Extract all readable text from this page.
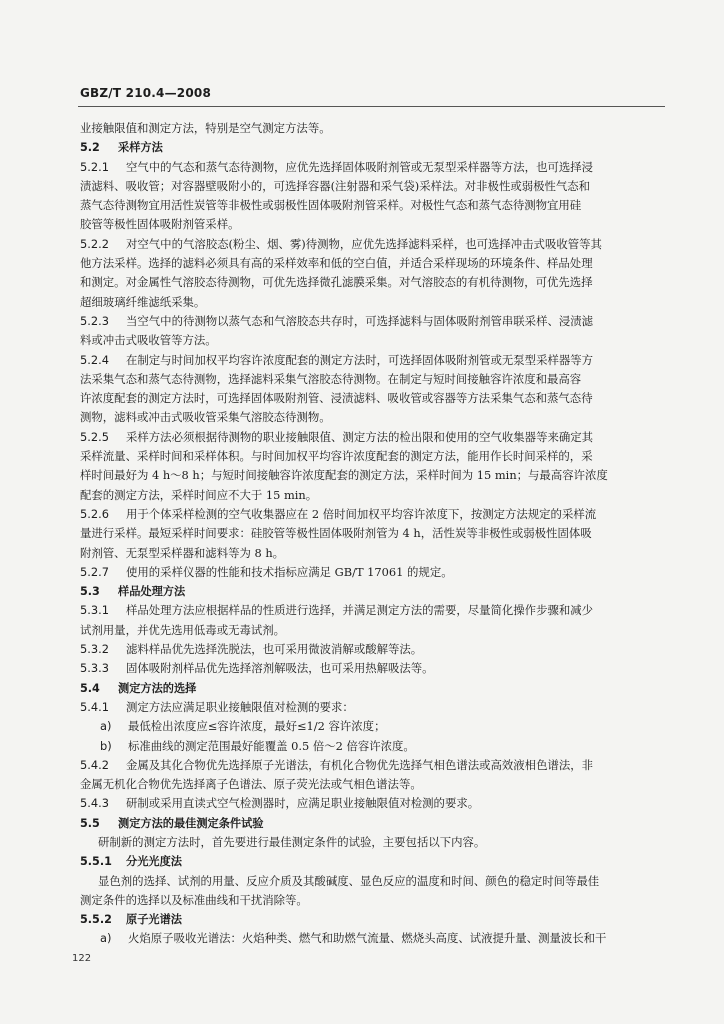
GBZ/T 210.4—2008
业接触限值和测定方法，特别是空气测定方法等。
5.2 采样方法
5.2.1 空气中的气态和蒸气态待测物，应优先选择固体吸附剂管或无泵型采样器等方法，也可选择浸
渍滤料、吸收管；对容器壁吸附小的，可选择容器(注射器和采气袋)采样法。对非极性或弱极性气态和
蒸气态待测物宜用活性炭管等非极性或弱极性固体吸附剂管采样。对极性气态和蒸气态待测物宜用硅
胶管等极性固体吸附剂管采样。
5.2.2 对空气中的气溶胶态(粉尘、烟、雾)待测物，应优先选择滤料采样，也可选择冲击式吸收管等其
他方法采样。选择的滤料必须具有高的采样效率和低的空白值，并适合采样现场的环境条件、样品处理
和测定。对金属性气溶胶态待测物，可优先选择微孔滤膜采集。对气溶胶态的有机待测物，可优先选择
超细玻璃纤维滤纸采集。
5.2.3 当空气中的待测物以蒸气态和气溶胶态共存时，可选择滤料与固体吸附剂管串联采样、浸渍滤
料或冲击式吸收管等方法。
5.2.4 在制定与时间加权平均容许浓度配套的测定方法时，可选择固体吸附剂管或无泵型采样器等方
法采集气态和蒸气态待测物，选择滤料采集气溶胶态待测物。在制定与短时间接触容许浓度和最高容
许浓度配套的测定方法时，可选择固体吸附剂管、浸渍滤料、吸收管或容器等方法采集气态和蒸气态待
测物，滤料或冲击式吸收管采集气溶胶态待测物。
5.2.5 采样方法必须根据待测物的职业接触限值、测定方法的检出限和使用的空气收集器等来确定其
采样流量、采样时间和采样体积。与时间加权平均容许浓度配套的测定方法，能用作长时间采样的，采
样时间最好为 4 h～8 h；与短时间接触容许浓度配套的测定方法，采样时间为 15 min；与最高容许浓度
配套的测定方法，采样时间应不大于 15 min。
5.2.6 用于个体采样检测的空气收集器应在 2 倍时间加权平均容许浓度下，按测定方法规定的采样流
量进行采样。最短采样时间要求：硅胶管等极性固体吸附剂管为 4 h，活性炭等非极性或弱极性固体吸
附剂管、无泵型采样器和滤料等为 8 h。
5.2.7 使用的采样仪器的性能和技术指标应满足 GB/T 17061 的规定。
5.3 样品处理方法
5.3.1 样品处理方法应根据样品的性质进行选择，并满足测定方法的需要，尽量简化操作步骤和减少
试剂用量，并优先选用低毒或无毒试剂。
5.3.2 滤料样品优先选择洗脱法，也可采用微波消解或酸解等法。
5.3.3 固体吸附剂样品优先选择溶剂解吸法，也可采用热解吸法等。
5.4 测定方法的选择
5.4.1 测定方法应满足职业接触限值对检测的要求：
a) 最低检出浓度应≤容许浓度，最好≤1/2 容许浓度；
b) 标准曲线的测定范围最好能覆盖 0.5 倍～2 倍容许浓度。
5.4.2 金属及其化合物优先选择原子光谱法，有机化合物优先选择气相色谱法或高效液相色谱法，非
金属无机化合物优先选择离子色谱法、原子荧光法或气相色谱法等。
5.4.3 研制或采用直读式空气检测器时，应满足职业接触限值对检测的要求。
5.5 测定方法的最佳测定条件试验
研制新的测定方法时，首先要进行最佳测定条件的试验，主要包括以下内容。
5.5.1 分光光度法
显色剂的选择、试剂的用量、反应介质及其酸碱度、显色反应的温度和时间、颜色的稳定时间等最佳
测定条件的选择以及标准曲线和干扰消除等。
5.5.2 原子光谱法
a) 火焰原子吸收光谱法：火焰种类、燃气和助燃气流量、燃烧头高度、试液提升量、测量波长和干
122
